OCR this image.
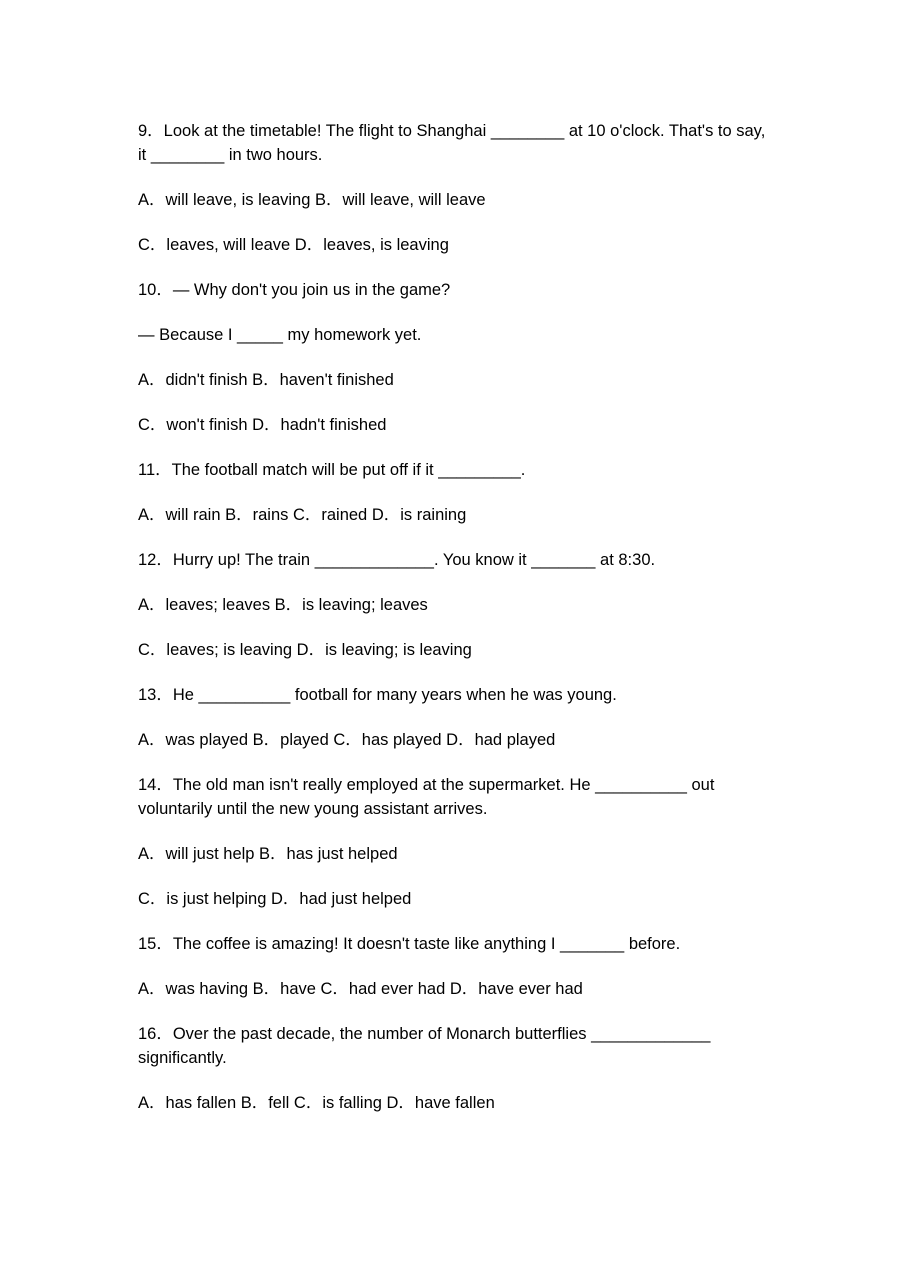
9．Look at the timetable! The flight to Shanghai ________ at 10 o'clock. That's to say, it ________ in two hours.

A．will leave, is leaving B．will leave, will leave

C．leaves, will leave D．leaves, is leaving

10．— Why don't you join us in the game?

— Because I _____ my homework yet.

A．didn't finish B．haven't finished

C．won't finish D．hadn't finished

11．The football match will be put off if it _________.

A．will rain B．rains C．rained D．is raining

12．Hurry up! The train _____________. You know it _______ at 8:30.

A．leaves; leaves B．is leaving; leaves

C．leaves; is leaving D．is leaving; is leaving

13．He __________ football for many years when he was young.

A．was played B．played C．has played D．had played

14．The old man isn't really employed at the supermarket. He __________ out voluntarily until the new young assistant arrives.

A．will just help B．has just helped

C．is just helping D．had just helped

15．The coffee is amazing! It doesn't taste like anything I _______ before.

A．was having B．have C．had ever had D．have ever had

16．Over the past decade, the number of Monarch butterflies _____________ significantly.

A．has fallen B．fell C．is falling D．have fallen
